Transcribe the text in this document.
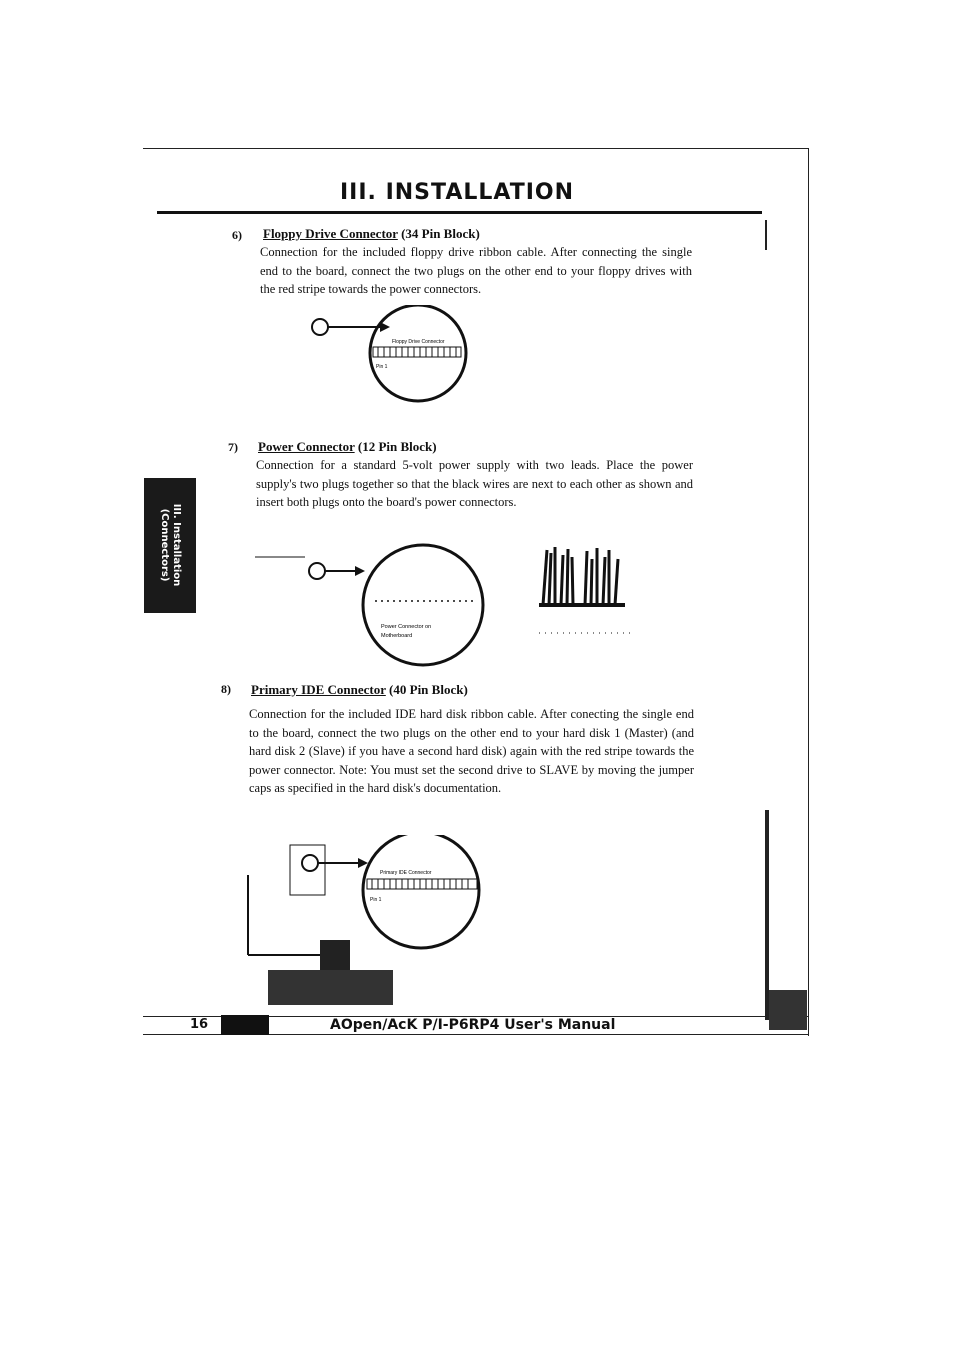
III. INSTALLATION
III. Installation
(Connectors)
6) Floppy Drive Connector (34 Pin Block)
Connection for the included floppy drive ribbon cable. After connecting the single end to the board, connect the two plugs on the other end to your floppy drives with the red stripe towards the power connectors.
Floppy Drive Connector
Pin 1
7) Power Connector (12 Pin Block)
Connection for a standard 5-volt power supply with two leads. Place the power supply's two plugs together so that the black wires are next to each other as shown and insert both plugs onto the board's power connectors.
Power Connector on
Motherboard
8) Primary IDE Connector (40 Pin Block)
Connection for the included IDE hard disk ribbon cable. After conecting the single end to the board, connect the two plugs on the other end to your hard disk 1 (Master) (and hard disk 2 (Slave) if you have a second hard disk) again with the red stripe towards the power connector. Note: You must set the second drive to SLAVE by moving the jumper caps as specified in the hard disk's documentation.
Primary IDE Connector
Pin 1
16	AOpen/AcK P/I-P6RP4 User's Manual
